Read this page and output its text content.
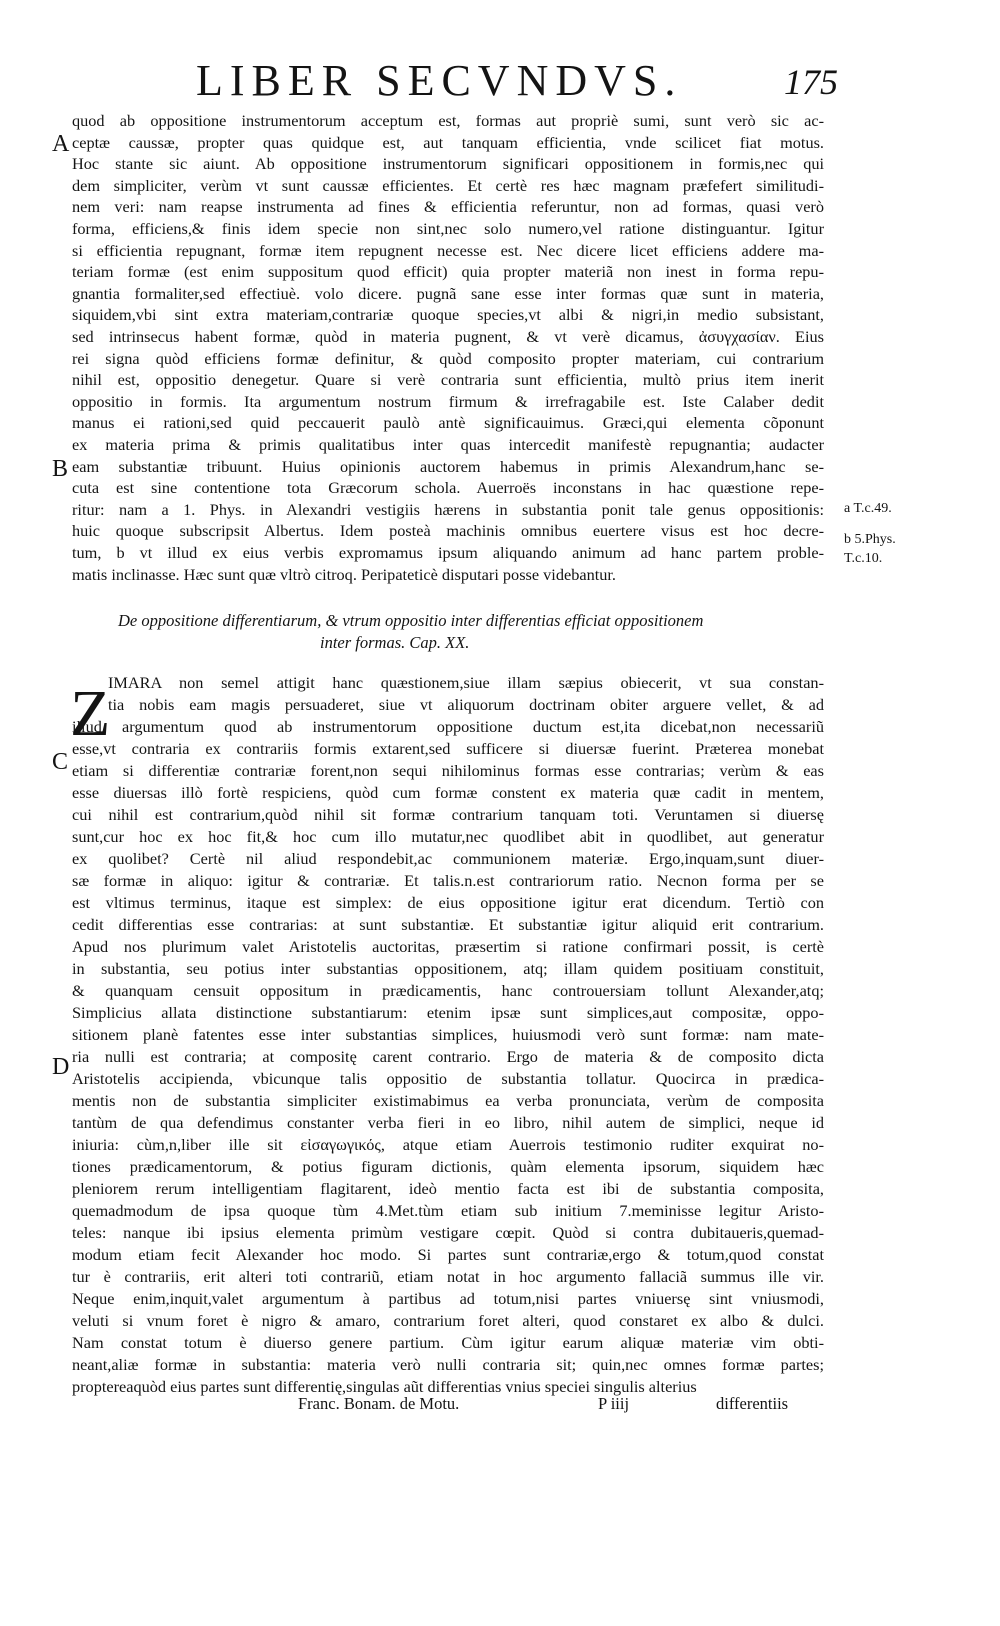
LIBER SECVNDVS.	175
A
B
C
D
quod ab oppositione instrumentorum acceptum est, formas aut propriè sumi, sunt verò sic ac-
ceptæ caussæ, propter quas quidque est, aut tanquam efficientia, vnde scilicet fiat motus.
Hoc stante sic aiunt. Ab oppositione instrumentorum significari oppositionem in formis,nec qui
dem simpliciter, verùm vt sunt caussæ efficientes. Et certè res hæc magnam præfefert similitudi-
nem veri: nam reapse instrumenta ad fines & efficientia referuntur, non ad formas, quasi verò
forma, efficiens,& finis idem specie non sint,nec solo numero,vel ratione distinguantur. Igitur
si efficientia repugnant, formæ item repugnent necesse est. Nec dicere licet efficiens addere ma-
teriam formæ (est enim suppositum quod efficit) quia propter materiã non inest in forma repu-
gnantia formaliter,sed effectiuè. volo dicere. pugnã sane esse inter formas quæ sunt in materia,
siquidem,vbi sint extra materiam,contrariæ quoque species,vt albi & nigri,in medio subsistant,
sed intrinsecus habent formæ, quòd in materia pugnent, & vt verè dicamus, ἀσυγχασίαν. Eius
rei signa quòd efficiens formæ definitur, & quòd composito propter materiam, cui contrarium
nihil est, oppositio denegetur. Quare si verè contraria sunt efficientia, multò prius item inerit
oppositio in formis. Ita argumentum nostrum firmum & irrefragabile est. Iste Calaber dedit
manus ei rationi,sed quid peccauerit paulò antè significauimus. Græci,qui elementa cõponunt
ex materia prima & primis qualitatibus inter quas intercedit manifestè repugnantia; audacter
eam substantiæ tribuunt. Huius opinionis auctorem habemus in primis Alexandrum,hanc se-
cuta est sine contentione tota Græcorum schola. Auerroës inconstans in hac quæstione repe-
ritur: nam a 1. Phys. in Alexandri vestigiis hærens in substantia ponit tale genus oppositionis:
huic quoque subscripsit Albertus. Idem posteà machinis omnibus euertere visus est hoc decre-
tum, b vt illud ex eius verbis expromamus ipsum aliquando animum ad hanc partem proble-
matis inclinasse. Hæc sunt quæ vltrò citroq. Peripateticè disputari posse videbantur.
a T.c.49.
b 5.Phys.
T.c.10.
De oppositione differentiarum, & vtrum oppositio inter differentias efficiat oppositionem
inter formas. Cap. XX.
Z
IMARA non semel attigit hanc quæstionem,siue illam sæpius obiecerit, vt sua constan-
tia nobis eam magis persuaderet, siue vt aliquorum doctrinam obiter arguere vellet, & ad
illud argumentum quod ab instrumentorum oppositione ductum est,ita dicebat,non necessariũ
esse,vt contraria ex contrariis formis extarent,sed sufficere si diuersæ fuerint. Præterea monebat
etiam si differentiæ contrariæ forent,non sequi nihilominus formas esse contrarias; verùm & eas
esse diuersas illò fortè respiciens, quòd cum formæ constent ex materia quæ cadit in mentem,
cui nihil est contrarium,quòd nihil sit formæ contrarium tanquam toti. Veruntamen si diuersę
sunt,cur hoc ex hoc fit,& hoc cum illo mutatur,nec quodlibet abit in quodlibet, aut generatur
ex quolibet? Certè nil aliud respondebit,ac communionem materiæ. Ergo,inquam,sunt diuer-
sæ formæ in aliquo: igitur & contrariæ. Et talis.n.est contrariorum ratio. Necnon forma per se
est vltimus terminus, itaque est simplex: de eius oppositione igitur erat dicendum. Tertiò con
cedit differentias esse contrarias: at sunt substantiæ. Et substantiæ igitur aliquid erit contrarium.
Apud nos plurimum valet Aristotelis auctoritas, præsertim si ratione confirmari possit, is certè
in substantia, seu potius inter substantias oppositionem, atq; illam quidem positiuam constituit,
& quanquam censuit oppositum in prædicamentis, hanc controuersiam tollunt Alexander,atq;
Simplicius allata distinctione substantiarum: etenim ipsæ sunt simplices,aut compositæ, oppo-
sitionem planè fatentes esse inter substantias simplices, huiusmodi verò sunt formæ: nam mate-
ria nulli est contraria; at compositę carent contrario. Ergo de materia & de composito dicta
Aristotelis accipienda, vbicunque talis oppositio de substantia tollatur. Quocirca in prædica-
mentis non de substantia simpliciter existimabimus ea verba pronunciata, verùm de composita
tantùm de qua defendimus constanter verba fieri in eo libro, nihil autem de simplici, neque id
iniuria: cùm,n,liber ille sit εἰσαγωγικός, atque etiam Auerrois testimonio ruditer exquirat no-
tiones prædicamentorum, & potius figuram dictionis, quàm elementa ipsorum, siquidem hæc
pleniorem rerum intelligentiam flagitarent, ideò mentio facta est ibi de substantia composita,
quemadmodum de ipsa quoque tùm 4.Met.tùm etiam sub initium 7.meminisse legitur Aristo-
teles: nanque ibi ipsius elementa primùm vestigare cœpit. Quòd si contra dubitaueris,quemad-
modum etiam fecit Alexander hoc modo. Si partes sunt contrariæ,ergo & totum,quod constat
tur è contrariis, erit alteri toti contrariũ, etiam notat in hoc argumento fallaciã summus ille vir.
Neque enim,inquit,valet argumentum à partibus ad totum,nisi partes vniuersę sint vniusmodi,
veluti si vnum foret è nigro & amaro, contrarium foret alteri, quod constaret ex albo & dulci.
Nam constat totum è diuerso genere partium. Cùm igitur earum aliquæ materiæ vim obti-
neant,aliæ formæ in substantia: materia verò nulli contraria sit; quin,nec omnes formæ partes;
proptereaquòd eius partes sunt differentię,singulas aũt differentias vnius speciei singulis alterius
Franc. Bonam. de Motu.	P iiij	differentiis
